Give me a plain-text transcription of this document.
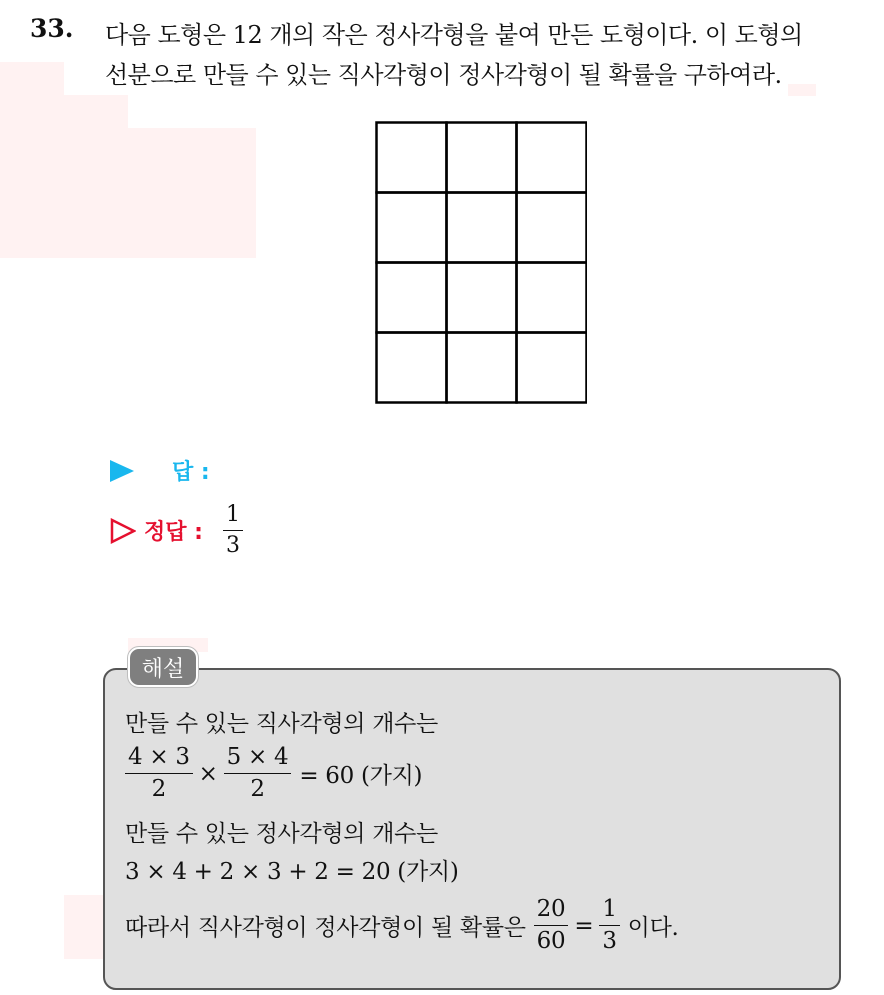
33. 다음 도형은 12 개의 작은 정사각형을 붙여 만든 도형이다. 이 도형의
선분으로 만들 수 있는 직사각형이 정사각형이 될 확률을 구하여라.
답 :
정답 : $\frac{1}{3}$
해설
만들 수 있는 직사각형의 개수는
$\frac{4 \times 3}{2} \times \frac{5 \times 4}{2} = 60$ (가지)
만들 수 있는 정사각형의 개수는
3 × 4 + 2 × 3 + 2 = 20 (가지)
따라서 직사각형이 정사각형이 될 확률은 $\frac{20}{60} = \frac{1}{3}$ 이다.
